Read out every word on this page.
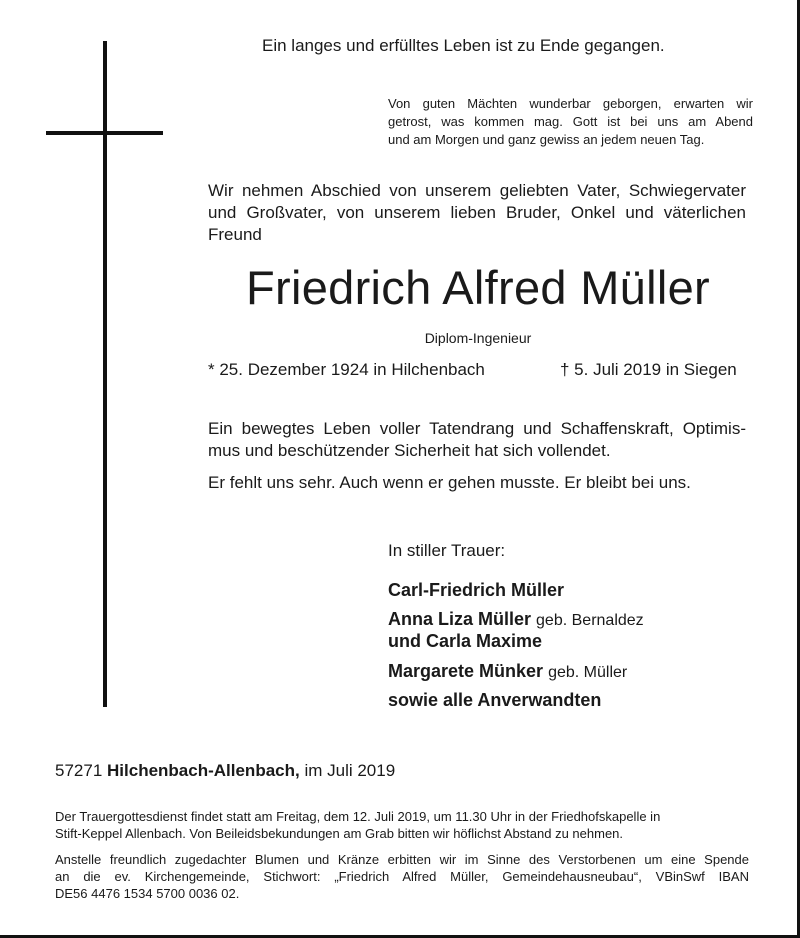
Ein langes und erfülltes Leben ist zu Ende gegangen.
Von guten Mächten wunderbar geborgen, erwarten wir
getrost, was kommen mag. Gott ist bei uns am Abend
und am Morgen und ganz gewiss an jedem neuen Tag.
Wir nehmen Abschied von unserem geliebten Vater, Schwiegervater
und Großvater, von unserem lieben Bruder, Onkel und väterlichen
Freund
Friedrich Alfred Müller
Diplom-Ingenieur
* 25. Dezember 1924 in Hilchenbach	† 5. Juli 2019 in Siegen
Ein bewegtes Leben voller Tatendrang und Schaffenskraft, Optimis-
mus und beschützender Sicherheit hat sich vollendet.
Er fehlt uns sehr. Auch wenn er gehen musste. Er bleibt bei uns.
In stiller Trauer:
Carl-Friedrich Müller
Anna Liza Müller geb. Bernaldez
und Carla Maxime
Margarete Münker geb. Müller
sowie alle Anverwandten
57271 Hilchenbach-Allenbach, im Juli 2019
Der Trauergottesdienst findet statt am Freitag, dem 12. Juli 2019, um 11.30 Uhr in der Friedhofskapelle in
Stift-Keppel Allenbach. Von Beileidsbekundungen am Grab bitten wir höflichst Abstand zu nehmen.
Anstelle freundlich zugedachter Blumen und Kränze erbitten wir im Sinne des Verstorbenen um eine Spende
an die ev. Kirchengemeinde, Stichwort: „Friedrich Alfred Müller, Gemeindehausneubau“, VBinSwf IBAN
DE56 4476 1534 5700 0036 02.
